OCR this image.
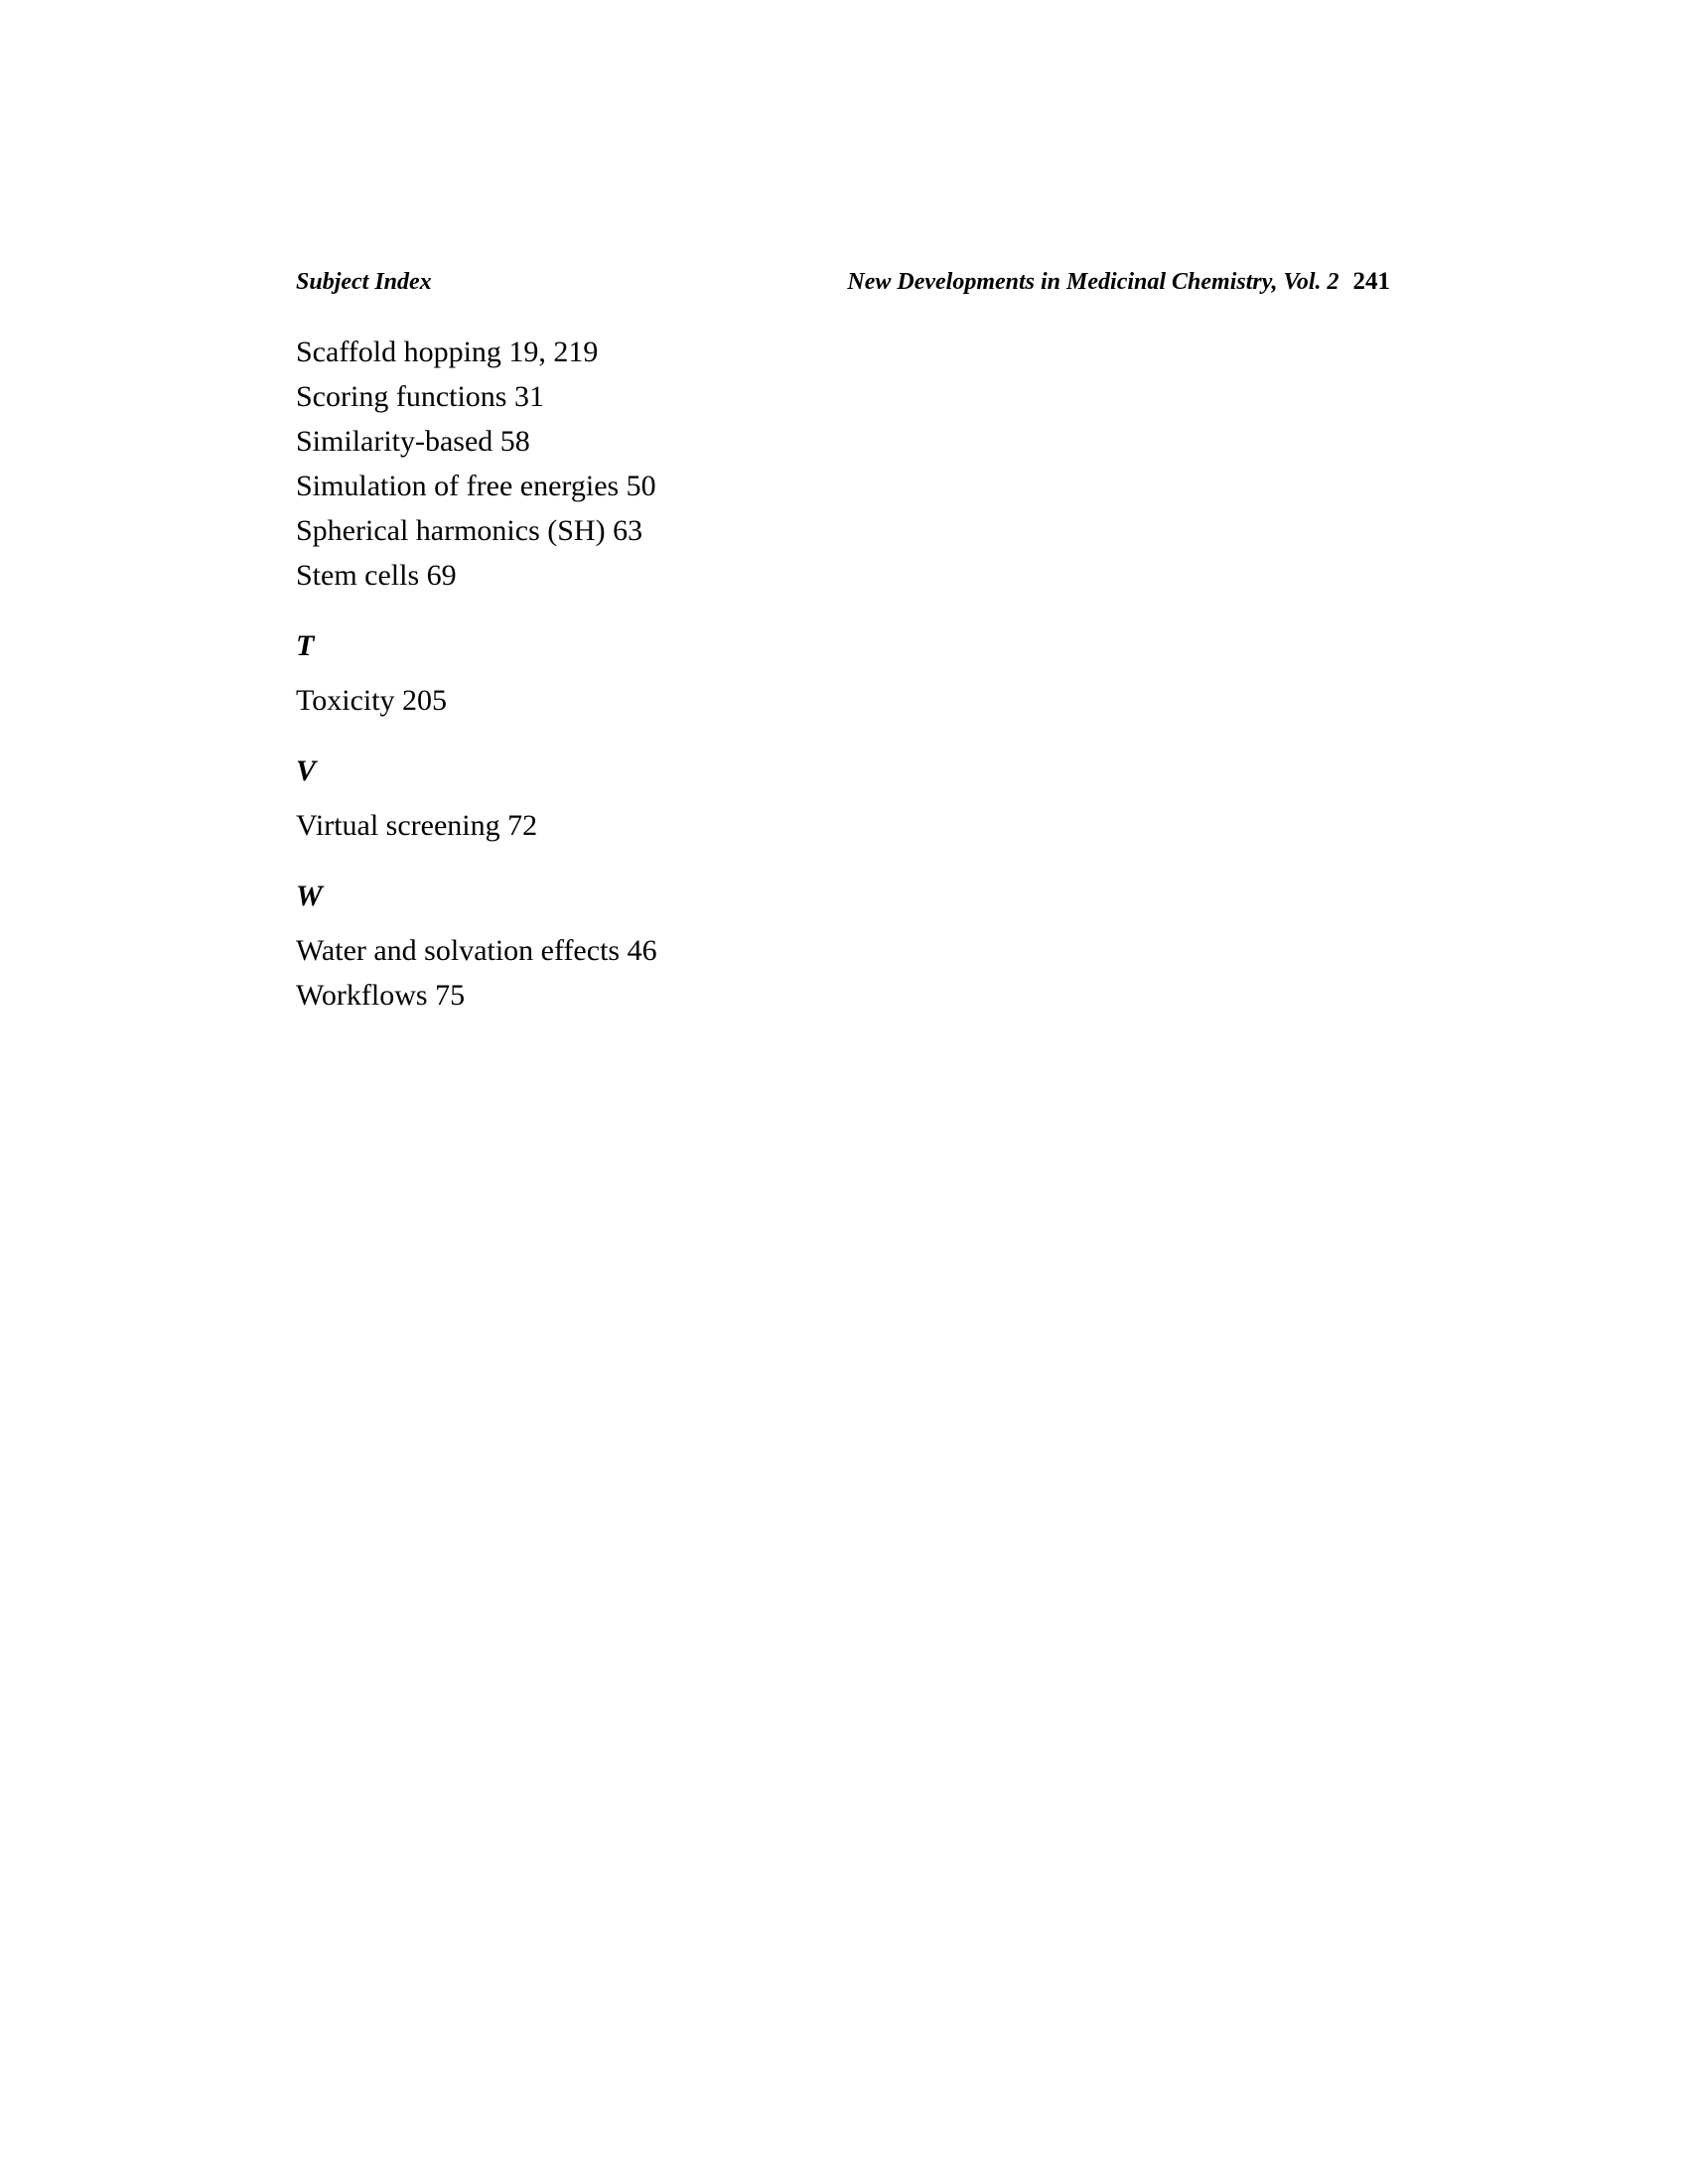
Subject Index	New Developments in Medicinal Chemistry, Vol. 2 241

Scaffold hopping 19, 219

Scoring functions 31

Similarity-based 58

Simulation of free energies 50

Spherical harmonics (SH) 63

Stem cells 69

T

Toxicity 205

V

Virtual screening 72

W

Water and solvation effects 46

Workflows 75
